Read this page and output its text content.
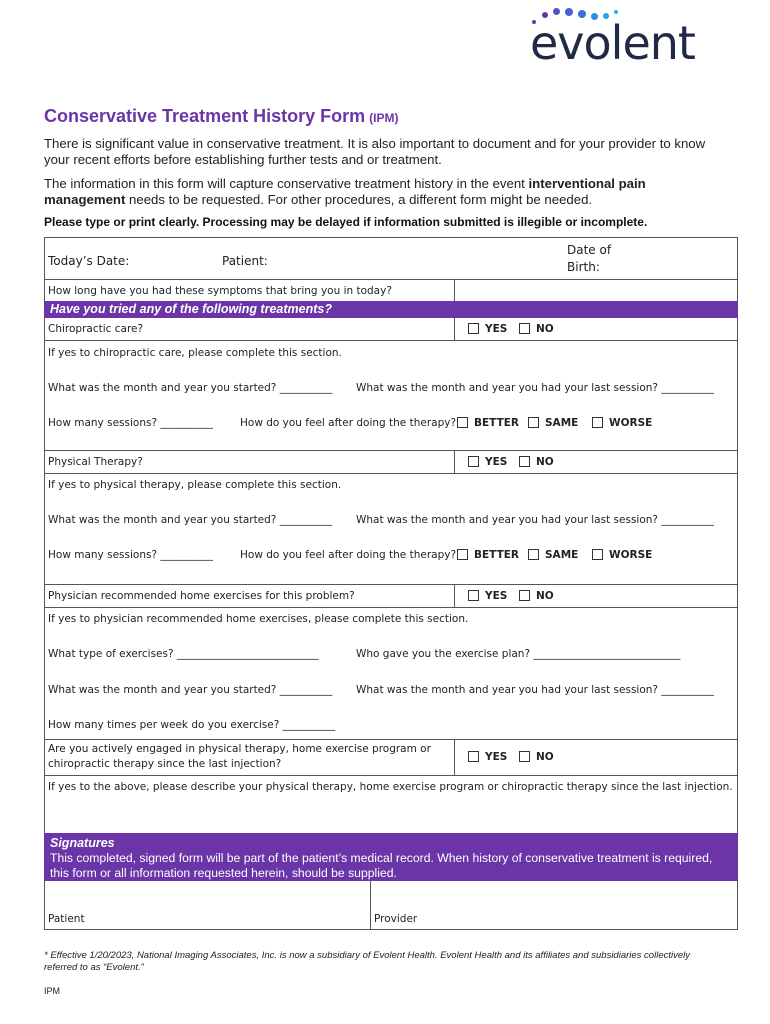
evolent
Conservative Treatment History Form (IPM)
There is significant value in conservative treatment. It is also important to document and for your provider to know your recent efforts before establishing further tests and or treatment.
The information in this form will capture conservative treatment history in the event interventional pain management needs to be requested. For other procedures, a different form might be needed.
Please type or print clearly. Processing may be delayed if information submitted is illegible or incomplete.
Today’s Date:	Patient:
Date of
Birth:
How long have you had these symptoms that bring you in today?
Have you tried any of the following treatments?
Chiropractic care?	YES	NO
If yes to chiropractic care, please complete this section.
What was the month and year you started? __________ What was the month and year you had your last session? __________
How many sessions? __________	How do you feel after doing the therapy?	BETTER	SAME	WORSE
Physical Therapy?	YES	NO
If yes to physical therapy, please complete this section.
What was the month and year you started? __________ What was the month and year you had your last session? __________
How many sessions? __________	How do you feel after doing the therapy?	BETTER	SAME	WORSE
Physician recommended home exercises for this problem?	YES	NO
If yes to physician recommended home exercises, please complete this section.
What type of exercises? ___________________________	Who gave you the exercise plan? ____________________________
What was the month and year you started? __________ What was the month and year you had your last session? __________
How many times per week do you exercise? __________
Are you actively engaged in physical therapy, home exercise program or
chiropractic therapy since the last injection?
YES	NO
If yes to the above, please describe your physical therapy, home exercise program or chiropractic therapy since the last injection.
Signatures
This completed, signed form will be part of the patient’s medical record. When history of conservative treatment is required, this form or all information requested herein, should be supplied.
Patient	Provider
* Effective 1/20/2023, National Imaging Associates, Inc. is now a subsidiary of Evolent Health. Evolent Health and its affiliates and subsidiaries collectively referred to as “Evolent.”
IPM
